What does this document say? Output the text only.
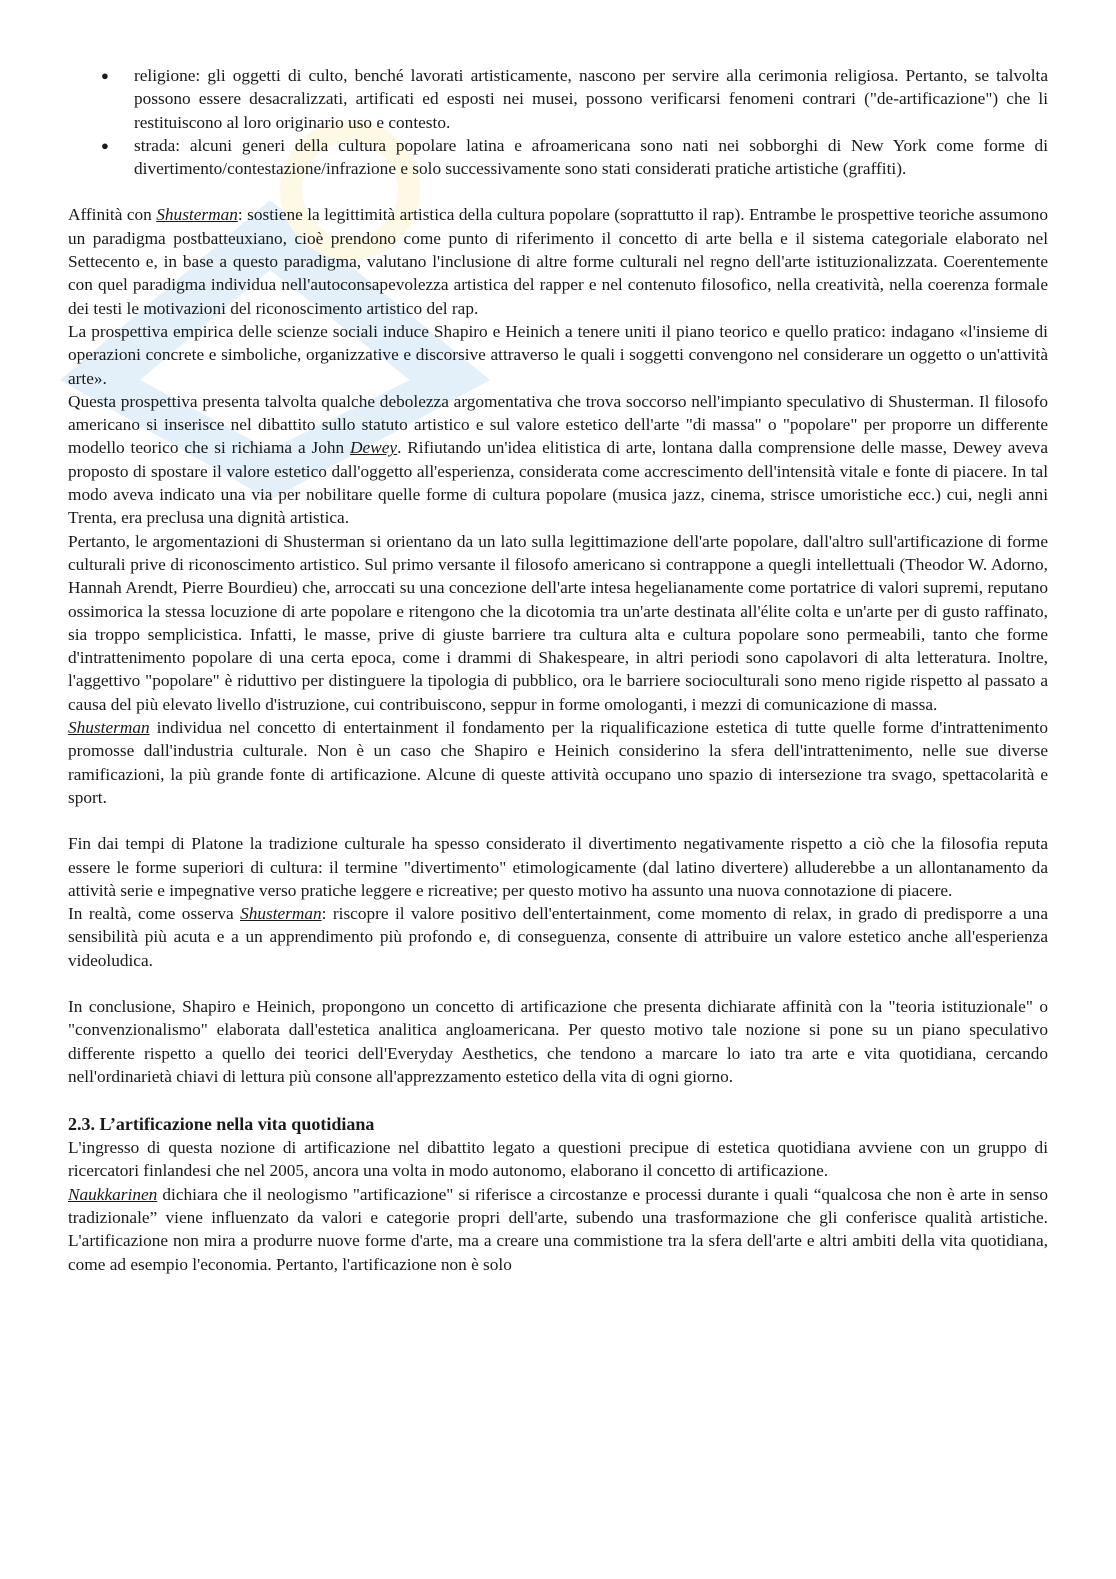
● religione: gli oggetti di culto, benché lavorati artisticamente, nascono per servire alla cerimonia religiosa. Pertanto, se talvolta possono essere desacralizzati, artificati ed esposti nei musei, possono verificarsi fenomeni contrari ("de-artificazione") che li restituiscono al loro originario uso e contesto.
● strada: alcuni generi della cultura popolare latina e afroamericana sono nati nei sobborghi di New York come forme di divertimento/contestazione/infrazione e solo successivamente sono stati considerati pratiche artistiche (graffiti).

Affinità con Shusterman: sostiene la legittimità artistica della cultura popolare (soprattutto il rap). Entrambe le prospettive teoriche assumono un paradigma postbatteuxiano, cioè prendono come punto di riferimento il concetto di arte bella e il sistema categoriale elaborato nel Settecento e, in base a questo paradigma, valutano l'inclusione di altre forme culturali nel regno dell'arte istituzionalizzata. Coerentemente con quel paradigma individua nell'autoconsapevolezza artistica del rapper e nel contenuto filosofico, nella creatività, nella coerenza formale dei testi le motivazioni del riconoscimento artistico del rap.

La prospettiva empirica delle scienze sociali induce Shapiro e Heinich a tenere uniti il piano teorico e quello pratico: indagano «l'insieme di operazioni concrete e simboliche, organizzative e discorsive attraverso le quali i soggetti convengono nel considerare un oggetto o un'attività arte».

Questa prospettiva presenta talvolta qualche debolezza argomentativa che trova soccorso nell'impianto speculativo di Shusterman. Il filosofo americano si inserisce nel dibattito sullo statuto artistico e sul valore estetico dell'arte "di massa" o "popolare" per proporre un differente modello teorico che si richiama a John Dewey. Rifiutando un'idea elitistica di arte, lontana dalla comprensione delle masse, Dewey aveva proposto di spostare il valore estetico dall'oggetto all'esperienza, considerata come accrescimento dell'intensità vitale e fonte di piacere. In tal modo aveva indicato una via per nobilitare quelle forme di cultura popolare (musica jazz, cinema, strisce umoristiche ecc.) cui, negli anni Trenta, era preclusa una dignità artistica.

Pertanto, le argomentazioni di Shusterman si orientano da un lato sulla legittimazione dell'arte popolare, dall'altro sull'artificazione di forme culturali prive di riconoscimento artistico. Sul primo versante il filosofo americano si contrappone a quegli intellettuali (Theodor W. Adorno, Hannah Arendt, Pierre Bourdieu) che, arroccati su una concezione dell'arte intesa hegelianamente come portatrice di valori supremi, reputano ossimorica la stessa locuzione di arte popolare e ritengono che la dicotomia tra un'arte destinata all'élite colta e un'arte per di gusto raffinato, sia troppo semplicistica. Infatti, le masse, prive di giuste barriere tra cultura alta e cultura popolare sono permeabili, tanto che forme d'intrattenimento popolare di una certa epoca, come i drammi di Shakespeare, in altri periodi sono capolavori di alta letteratura. Inoltre, l'aggettivo "popolare" è riduttivo per distinguere la tipologia di pubblico, ora le barriere socioculturali sono meno rigide rispetto al passato a causa del più elevato livello d'istruzione, cui contribuiscono, seppur in forme omologanti, i mezzi di comunicazione di massa.

Shusterman individua nel concetto di entertainment il fondamento per la riqualificazione estetica di tutte quelle forme d'intrattenimento promosse dall'industria culturale. Non è un caso che Shapiro e Heinich considerino la sfera dell'intrattenimento, nelle sue diverse ramificazioni, la più grande fonte di artificazione. Alcune di queste attività occupano uno spazio di intersezione tra svago, spettacolarità e sport.

Fin dai tempi di Platone la tradizione culturale ha spesso considerato il divertimento negativamente rispetto a ciò che la filosofia reputa essere le forme superiori di cultura: il termine "divertimento" etimologicamente (dal latino divertere) alluderebbe a un allontanamento da attività serie e impegnative verso pratiche leggere e ricreative; per questo motivo ha assunto una nuova connotazione di piacere.

In realtà, come osserva Shusterman: riscopre il valore positivo dell'entertainment, come momento di relax, in grado di predisporre a una sensibilità più acuta e a un apprendimento più profondo e, di conseguenza, consente di attribuire un valore estetico anche all'esperienza videoludica.

In conclusione, Shapiro e Heinich, propongono un concetto di artificazione che presenta dichiarate affinità con la "teoria istituzionale" o "convenzionalismo" elaborata dall'estetica analitica angloamericana. Per questo motivo tale nozione si pone su un piano speculativo differente rispetto a quello dei teorici dell'Everyday Aesthetics, che tendono a marcare lo iato tra arte e vita quotidiana, cercando nell'ordinarietà chiavi di lettura più consone all'apprezzamento estetico della vita di ogni giorno.

2.3. L’artificazione nella vita quotidiana

L'ingresso di questa nozione di artificazione nel dibattito legato a questioni precipue di estetica quotidiana avviene con un gruppo di ricercatori finlandesi che nel 2005, ancora una volta in modo autonomo, elaborano il concetto di artificazione.

Naukkarinen dichiara che il neologismo "artificazione" si riferisce a circostanze e processi durante i quali “qualcosa che non è arte in senso tradizionale” viene influenzato da valori e categorie propri dell'arte, subendo una trasformazione che gli conferisce qualità artistiche. L'artificazione non mira a produrre nuove forme d'arte, ma a creare una commistione tra la sfera dell'arte e altri ambiti della vita quotidiana, come ad esempio l'economia. Pertanto, l'artificazione non è solo
